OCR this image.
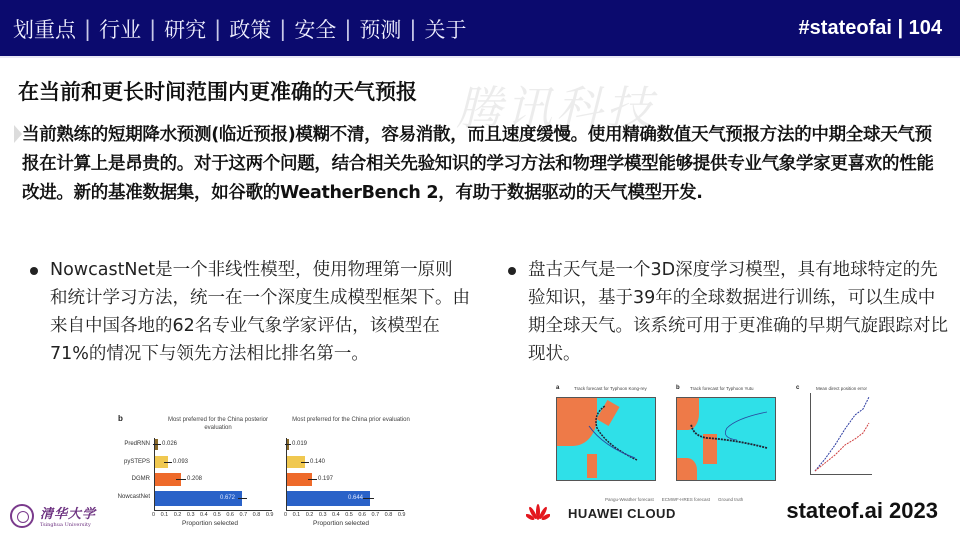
划重点 | 行业 | 研究 | 政策 | 安全 | 预测 | 关于	#stateofai | 104
腾讯科技
在当前和更长时间范围内更准确的天气预报
当前熟练的短期降水预测(临近预报)模糊不清，容易消散，而且速度缓慢。使用精确数值天气预报方法的中期全球天气预报在计算上是昂贵的。对于这两个问题，结合相关先验知识的学习方法和物理学模型能够提供专业气象学家更喜欢的性能改进。新的基准数据集，如谷歌的WeatherBench 2，有助于数据驱动的天气模型开发.
NowcastNet是一个非线性模型，使用物理第一原则和统计学习方法，统一在一个深度生成模型框架下。由来自中国各地的62名专业气象学家评估，该模型在71%的情况下与领先方法相比排名第一。
盘古天气是一个3D深度学习模型，具有地球特定的先验知识，基于39年的全球数据进行训练，可以生成中期全球天气。该系统可用于更准确的早期气旋跟踪对比现状。
b	Most preferred for the China posterior evaluation
PredRNN
pySTEPS
DGMR
NowcastNet
0.026
0.093
0.208
0.672
0 0.1 0.2 0.3 0.4 0.5 0.6 0.7 0.8 0.9
Proportion selected
Most preferred for the China prior evaluation
0.019
0.140
0.197
0.644
0 0.1 0.2 0.3 0.4 0.5 0.6 0.7 0.8 0.9
Proportion selected
a	Track forecast for Typhoon Kong-rey	b Track forecast for Typhoon Yutu	c	Mean direct position error
Pangu-Weather forecast ECMWF-HRES forecast Ground truth
清华大学
Tsinghua University
HUAWEI CLOUD	stateof.ai 2023
